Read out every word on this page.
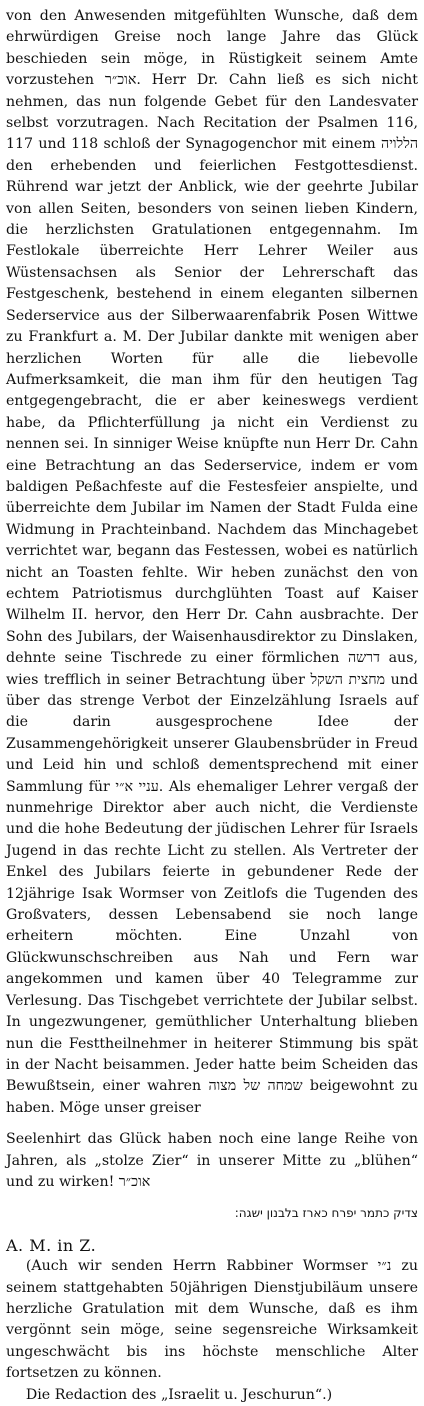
von den Anwesenden mitgefühlten Wunsche, daß dem ehrwürdigen Greise noch lange Jahre das Glück beschieden sein möge, in Rüstigkeit seinem Amte vorzustehen אוכ״ר. Herr Dr. Cahn ließ es sich nicht nehmen, das nun folgende Gebet für den Landesvater selbst vorzutragen. Nach Recitation der Psalmen 116, 117 und 118 schloß der Synagogenchor mit einem הללויה den erhebenden und feierlichen Festgottesdienst. Rührend war jetzt der Anblick, wie der geehrte Jubilar von allen Seiten, besonders von seinen lieben Kindern, die herzlichsten Gratulationen entgegennahm. Im Festlokale überreichte Herr Lehrer Weiler aus Wüstensachsen als Senior der Lehrerschaft das Festgeschenk, bestehend in einem eleganten silbernen Sederservice aus der Silberwaarenfabrik Posen Wittwe zu Frankfurt a. M. Der Jubilar dankte mit wenigen aber herzlichen Worten für alle die liebevolle Aufmerksamkeit, die man ihm für den heutigen Tag entgegengebracht, die er aber keineswegs verdient habe, da Pflichterfüllung ja nicht ein Verdienst zu nennen sei. In sinniger Weise knüpfte nun Herr Dr. Cahn eine Betrachtung an das Sederservice, indem er vom baldigen Peßachfeste auf die Festesfeier anspielte, und überreichte dem Jubilar im Namen der Stadt Fulda eine Widmung in Prachteinband. Nachdem das Minchagebet verrichtet war, begann das Festessen, wobei es natürlich nicht an Toasten fehlte. Wir heben zunächst den von echtem Patriotismus durchglühten Toast auf Kaiser Wilhelm II. hervor, den Herr Dr. Cahn ausbrachte. Der Sohn des Jubilars, der Waisenhausdirektor zu Dinslaken, dehnte seine Tischrede zu einer förmlichen דרשה aus, wies trefflich in seiner Betrachtung über מחצית השקל und über das strenge Verbot der Einzelzählung Israels auf die darin ausgesprochene Idee der Zusammengehörigkeit unserer Glaubensbrüder in Freud und Leid hin und schloß dementsprechend mit einer Sammlung für עניי א״י. Als ehemaliger Lehrer vergaß der nunmehrige Direktor aber auch nicht, die Verdienste und die hohe Bedeutung der jüdischen Lehrer für Israels Jugend in das rechte Licht zu stellen. Als Vertreter der Enkel des Jubilars feierte in gebundener Rede der 12jährige Isak Wormser von Zeitlofs die Tugenden des Großvaters, dessen Lebensabend sie noch lange erheitern möchten. Eine Unzahl von Glückwunschschreiben aus Nah und Fern war angekommen und kamen über 40 Telegramme zur Verlesung. Das Tischgebet verrichtete der Jubilar selbst. In ungezwungener, gemüthlicher Unterhaltung blieben nun die Festtheilnehmer in heiterer Stimmung bis spät in der Nacht beisammen. Jeder hatte beim Scheiden das Bewußtsein, einer wahren שמחה של מצוה beigewohnt zu haben. Möge unser greiser

Seelenhirt das Glück haben noch eine lange Reihe von Jahren, als „stolze Zier“ in unserer Mitte zu „blühen“ und zu wirken! אוכ״ר

צדיק כתמר יפרח כארז בלבנון ישגה:

A. M. in Z.

(Auch wir senden Herrn Rabbiner Wormser נ״י zu seinem stattgehabten 50jährigen Dienstjubiläum unsere herzliche Gratulation mit dem Wunsche, daß es ihm vergönnt sein möge, seine segensreiche Wirksamkeit ungeschwächt bis ins höchste menschliche Alter fortsetzen zu können.

Die Redaction des „Israelit u. Jeschurun“.)
